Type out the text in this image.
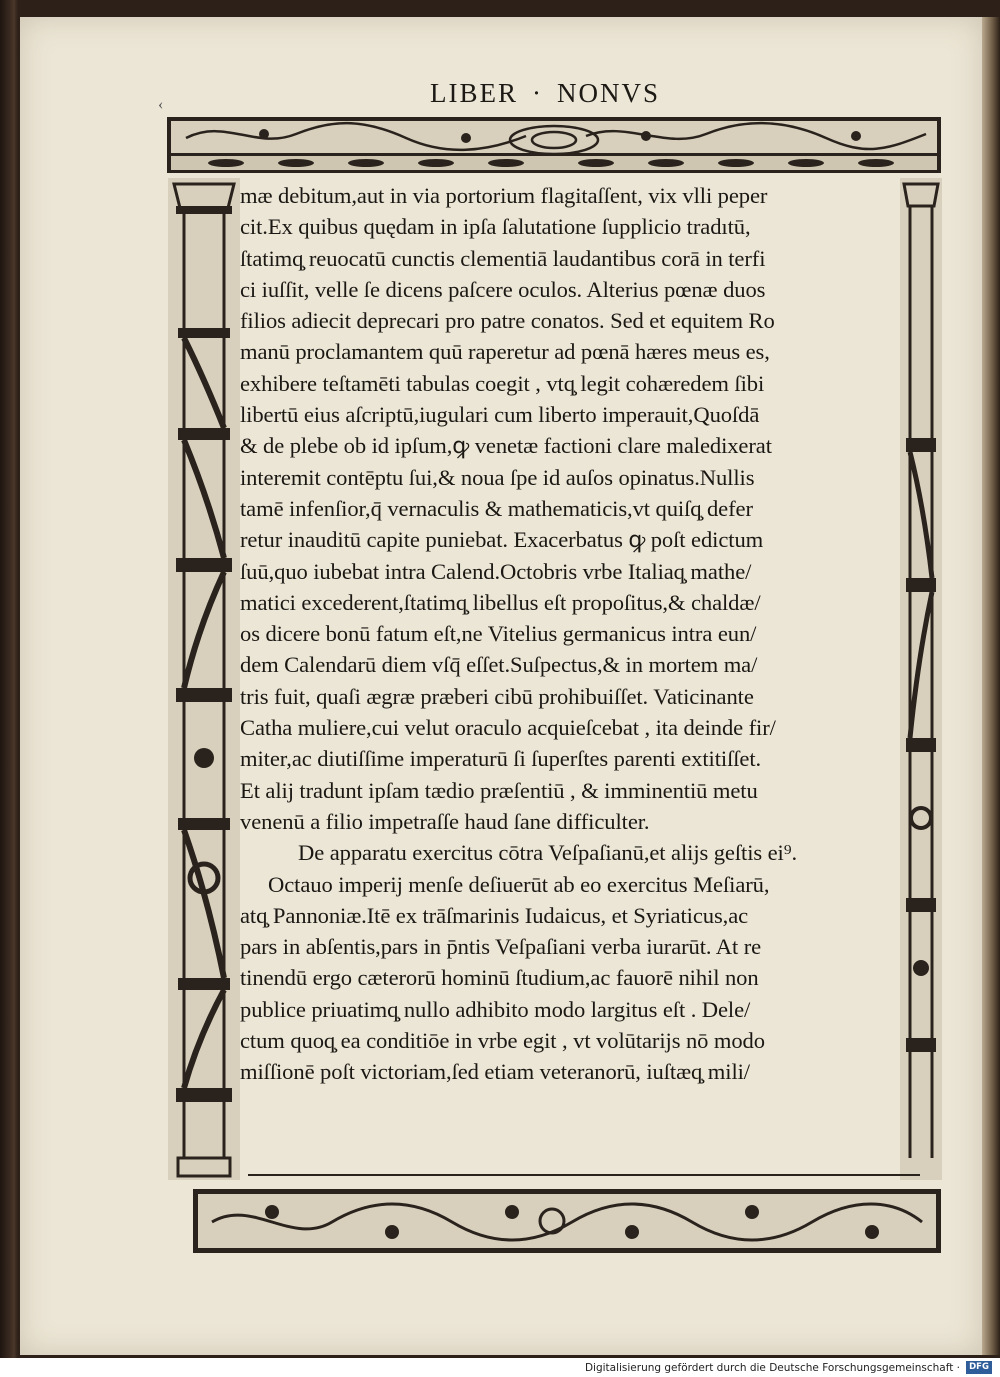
‹	LIBER · NONVS
mæ debitum,aut in via portorium flagitaſſent, vix vlli peper
cit.Ex quibus quędam in ipſa ſalutatione ſupplicio tradıtū,
ſtatimq̧ reuocatū cunctis clementiā laudantibus corā in terfi
ci iuſſit, velle ſe dicens paſcere oculos. Alterius pœnæ duos
filios adiecit deprecari pro patre conatos. Sed et equitem Ro
manū proclamantem quū raperetur ad pœnā hæres meus es,
exhibere teſtamēti tabulas coegit , vtq̧ legit cohæredem ſibi
libertū eius aſcriptū,iugulari cum liberto imperauit,Quoſdā
& de plebe ob id ipſum,ꝙ venetæ factioni clare maledixerat
interemit contēptu ſui,& noua ſpe id auſos opinatus.Nullis
tamē infenſior,q̄ vernaculis & mathematicis,vt quiſq̧ defer
retur inauditū capite puniebat. Exacerbatus ꝙ poſt edictum
ſuū,quo iubebat intra Calend.Octobris vrbe Italiaq̧ mathe/
matici excederent,ſtatimq̧ libellus eſt propoſitus,& chaldæ/
os dicere bonū fatum eſt,ne Vitelius germanicus intra eun/
dem Calendarū diem vſq̄ eſſet.Suſpectus,& in mortem ma/
tris fuit, quaſi ægræ præberi cibū prohibuiſſet. Vaticinante
Catha muliere,cui velut oraculo acquieſcebat , ita deinde fir/
miter,ac diutiſſime imperaturū ſi ſuperſtes parenti extitiſſet.
Et alij tradunt ipſam tædio præſentiū , & imminentiū metu
venenū a filio impetraſſe haud ſane difficulter.
De apparatu exercitus cōtra Veſpaſianū,et alijs geſtis ei⁹.
Octauo imperij menſe deſiuerūt ab eo exercitus Meſiarū,
atq̧ Pannoniæ.Itē ex trāſmarinis Iudaicus, et Syriaticus,ac
pars in abſentis,pars in p̄ntis Veſpaſiani verba iurarūt. At re
tinendū ergo cæterorū hominū ſtudium,ac fauorē nihil non
publice priuatimq̧ nullo adhibito modo largitus eſt . Dele/
ctum quoq̧ ea conditiōe in vrbe egit , vt volūtarijs nō modo
miſſionē poſt victoriam,ſed etiam veteranorū, iuſtæq̧ mili/
Digitalisierung gefördert durch die Deutsche Forschungsgemeinschaft ·	DFG
